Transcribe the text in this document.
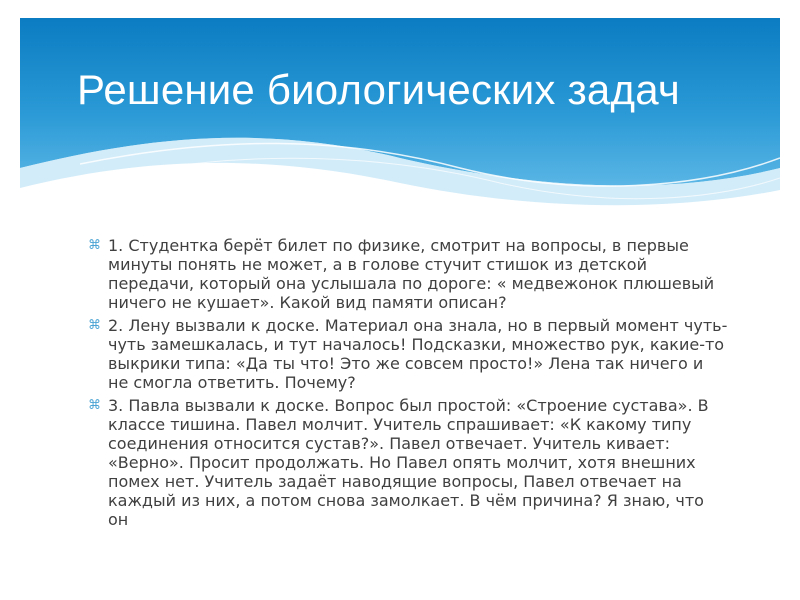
Решение биологических задач
⌘ 1. Студентка берёт билет по физике, смотрит на вопросы, в первые минуты понять не может, а в голове стучит стишок из детской передачи, который она услышала по дороге: « медвежонок плюшевый ничего не кушает». Какой вид памяти описан?
⌘ 2. Лену вызвали к доске. Материал она знала, но в первый момент чуть- чуть замешкалась, и тут началось! Подсказки, множество рук, какие-то выкрики типа: «Да ты что! Это же совсем просто!» Лена так ничего и не смогла ответить. Почему?
⌘ 3. Павла вызвали к доске. Вопрос был простой: «Строение сустава». В классе тишина. Павел молчит. Учитель спрашивает: «К какому типу соединения относится сустав?». Павел отвечает. Учитель кивает: «Верно». Просит продолжать. Но Павел опять молчит, хотя внешних помех нет. Учитель задаёт наводящие вопросы, Павел отвечает на каждый из них, а потом снова замолкает. В чём причина? Я знаю, что он
